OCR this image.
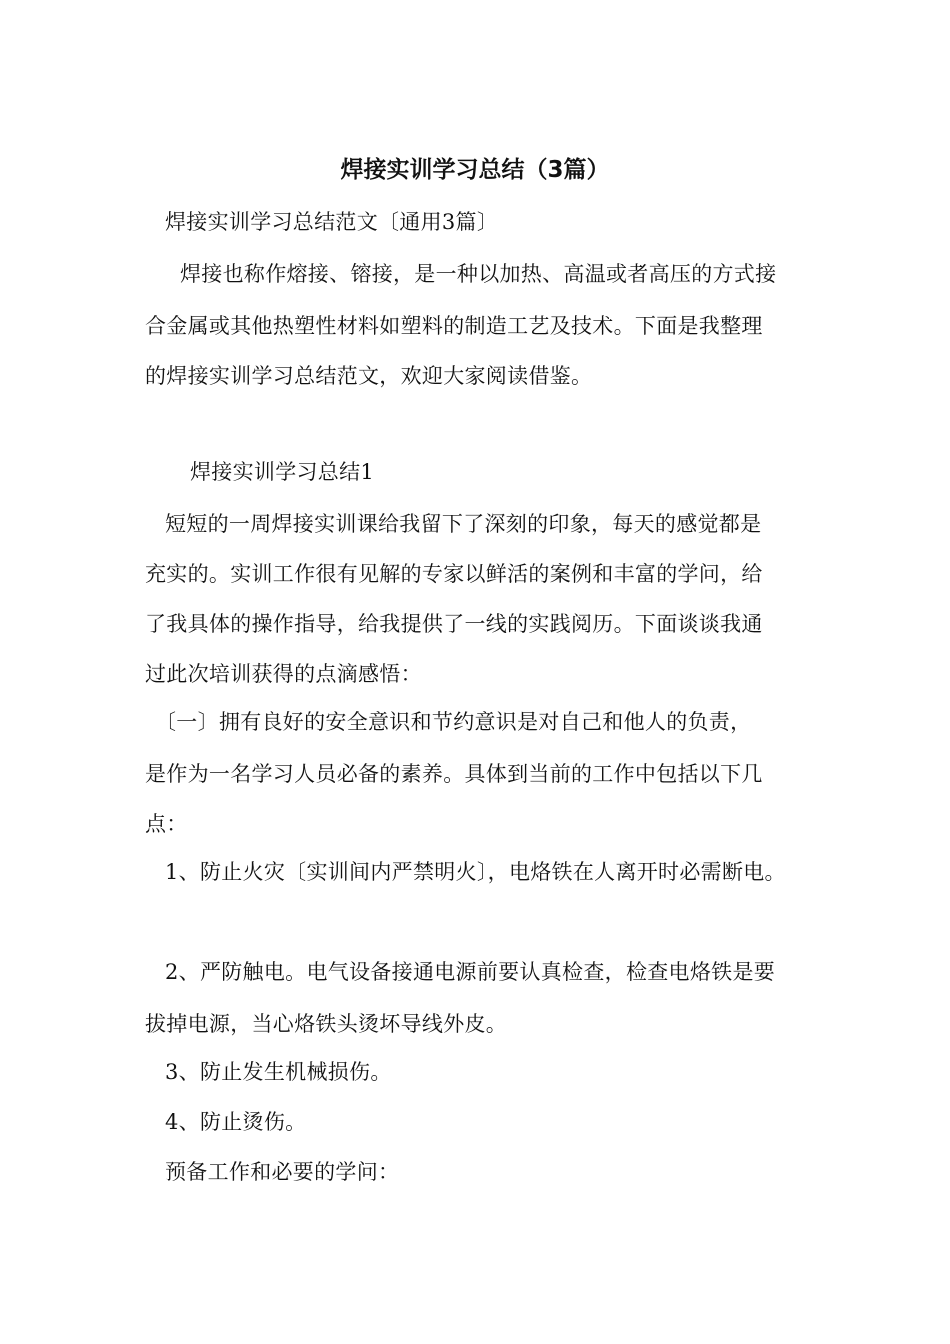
焊接实训学习总结（3篇）
焊接实训学习总结范文〔通用3篇〕
焊接也称作熔接、镕接，是一种以加热、高温或者高压的方式接
合金属或其他热塑性材料如塑料的制造工艺及技术。下面是我整理
的焊接实训学习总结范文，欢迎大家阅读借鉴。
焊接实训学习总结1
短短的一周焊接实训课给我留下了深刻的印象，每天的感觉都是
充实的。实训工作很有见解的专家以鲜活的案例和丰富的学问，给
了我具体的操作指导，给我提供了一线的实践阅历。下面谈谈我通
过此次培训获得的点滴感悟：
〔一〕拥有良好的安全意识和节约意识是对自己和他人的负责，
是作为一名学习人员必备的素养。具体到当前的工作中包括以下几
点：
1、防止火灾〔实训间内严禁明火〕，电烙铁在人离开时必需断电。
2、严防触电。电气设备接通电源前要认真检查，检查电烙铁是要
拔掉电源，当心烙铁头烫坏导线外皮。
3、防止发生机械损伤。
4、防止烫伤。
预备工作和必要的学问：
